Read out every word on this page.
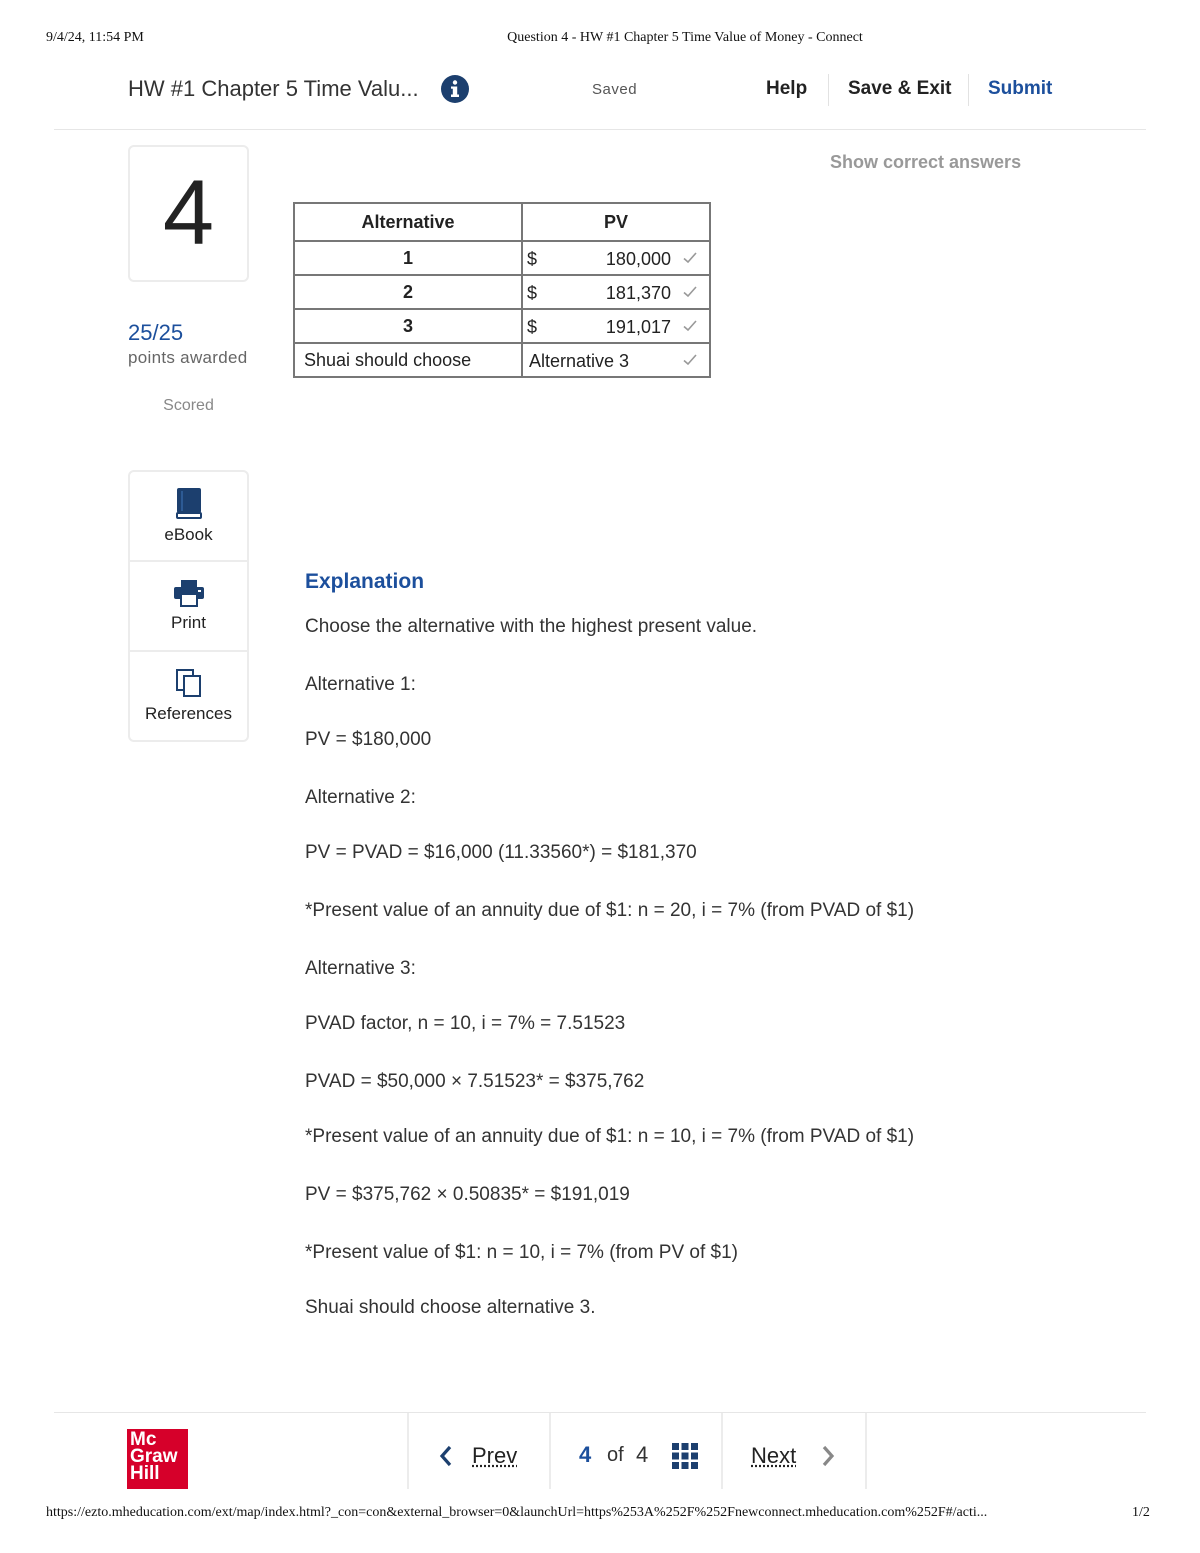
9/4/24, 11:54 PM	Question 4 - HW #1 Chapter 5 Time Value of Money - Connect
HW #1 Chapter 5 Time Valu...	Saved	Help Save & Exit Submit
4
25/25
points awarded
Scored
eBook
Print
References
Show correct answers
Alternative	PV
1	$ 180,000

2	$ 181,370

3	$ 191,017

Shuai should choose	Alternative 3
Explanation
Choose the alternative with the highest present value.
Alternative 1:
PV = $180,000
Alternative 2:
PV = PVAD = $16,000 (11.33560*) = $181,370
*Present value of an annuity due of $1: n = 20, i = 7% (from PVAD of $1)
Alternative 3:
PVAD factor, n = 10, i = 7% = 7.51523
PVAD = $50,000 × 7.51523* = $375,762
*Present value of an annuity due of $1: n = 10, i = 7% (from PVAD of $1)
PV = $375,762 × 0.50835* = $191,019
*Present value of $1: n = 10, i = 7% (from PV of $1)
Shuai should choose alternative 3.
Mc
Graw
Hill
Prev	4 of 4	Next
https://ezto.mheducation.com/ext/map/index.html?_con=con&external_browser=0&launchUrl=https%253A%252F%252Fnewconnect.mheducation.com%252F#/acti...	1/2
